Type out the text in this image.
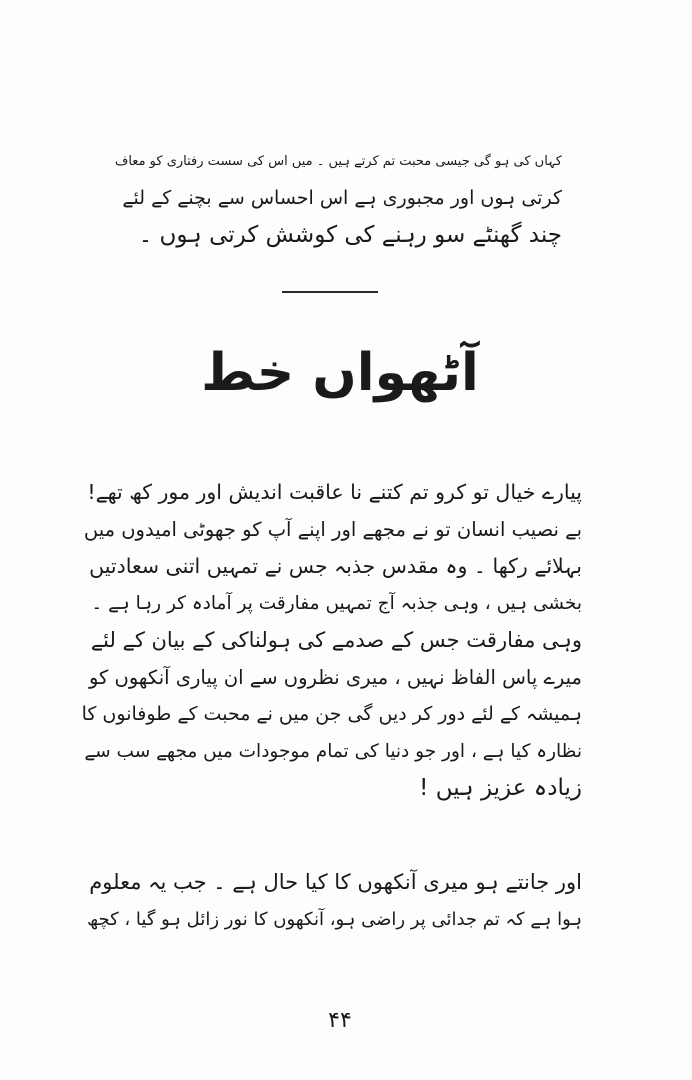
کہاں کی ہو گی جیسی محبت تم کرتے ہیں ۔ میں اس کی سست رفتاری کو معاف
کرتی ہوں اور مجبوری ہے اس احساس سے بچنے کے لئے
چند گھنٹے سو رہنے کی کوشش کرتی ہوں ۔
آٹھواں خط
پیارے خیال تو کرو تم کتنے نا عاقبت اندیش اور مور کھ تھے!
بے نصیب انسان تو نے مجھے اور اپنے آپ کو جھوٹی امیدوں میں
بہلائے رکھا ۔ وہ مقدس جذبہ جس نے تمہیں اتنی سعادتیں
بخشی ہیں ، وہی جذبہ آج تمہیں مفارقت پر آمادہ کر رہا ہے ۔
وہی مفارقت جس کے صدمے کی ہولناکی کے بیان کے لئے
میرے پاس الفاظ نہیں ، میری نظروں سے ان پیاری آنکھوں کو
ہمیشہ کے لئے دور کر دیں گی جن میں نے محبت کے طوفانوں کا
نظارہ کیا ہے ، اور جو دنیا کی تمام موجودات میں مجھے سب سے
زیادہ عزیز ہیں !
اور جانتے ہو میری آنکھوں کا کیا حال ہے ۔ جب یہ معلوم
ہوا ہے کہ تم جدائی پر راضی ہو، آنکھوں کا نور زائل ہو گیا ، کچھ
۴۴
